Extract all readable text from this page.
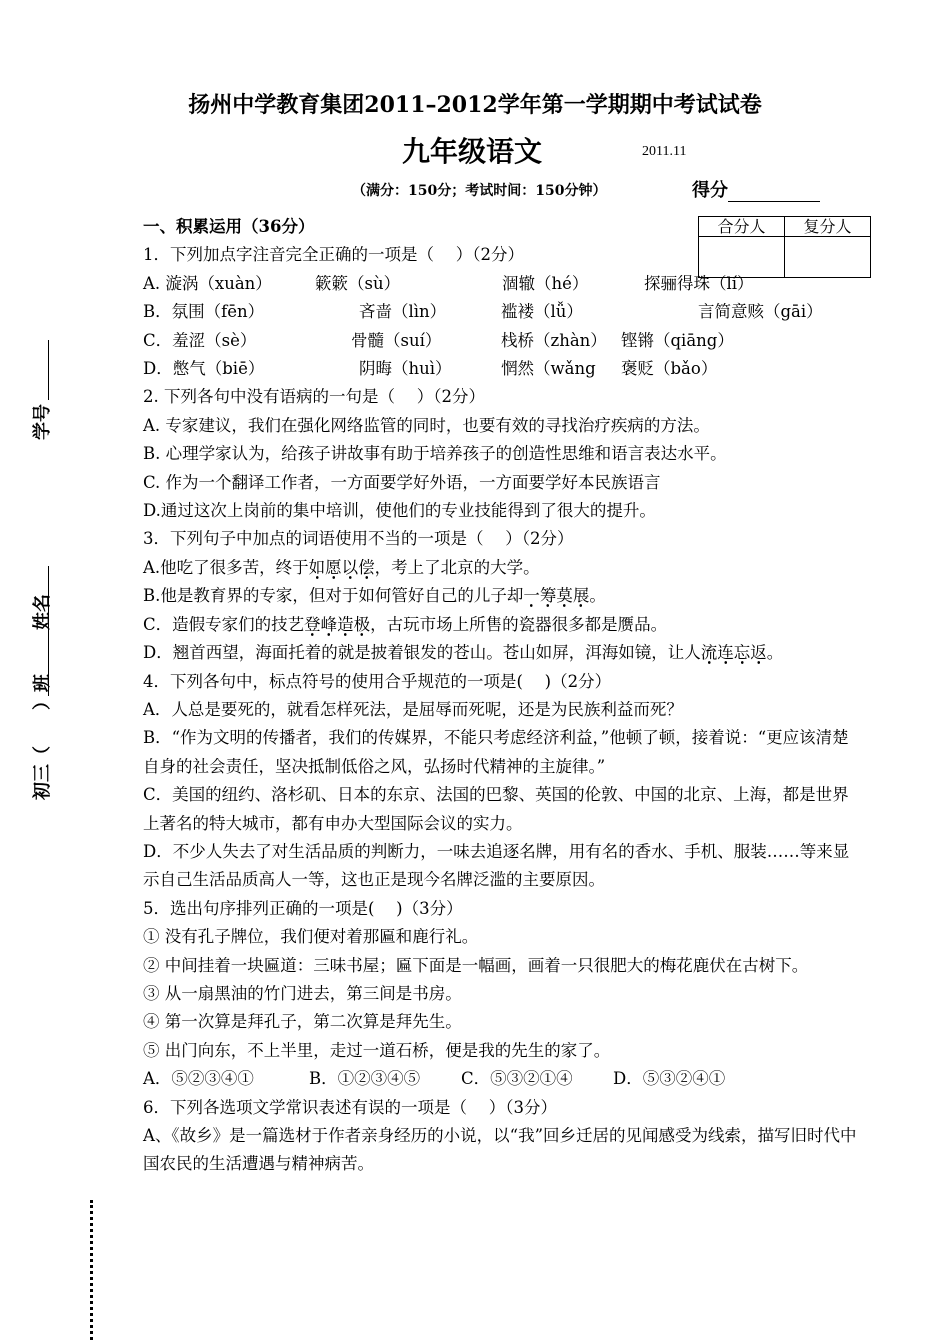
扬州中学教育集团2011–2012学年第一学期期中考试试卷
九年级语文	2011.11
（满分：150分；考试时间：150分钟）	得分
合分人	复分人

初三（　　）班
姓名
学号

一、积累运用（36分）

1．下列加点字注音完全正确的一项是（　 ）（2分）

A. 漩涡（xuàn）	簌簌（sù）	涸辙（hé）	探骊得珠（lí）
B．氛围（fēn）	吝啬（lìn）	褴褛（lǚ）	言简意赅（gāi）
C．羞涩（sè）	骨髓（suí）	栈桥（zhàn） 铿锵（qiāng）
D．憋气（biē）	阴晦（huì）	惘然（wǎng	褒贬（bǎo）

2. 下列各句中没有语病的一句是（　 ）（2分）

A. 专家建议，我们在强化网络监管的同时，也要有效的寻找治疗疾病的方法。

B. 心理学家认为，给孩子讲故事有助于培养孩子的创造性思维和语言表达水平。

C. 作为一个翻译工作者，一方面要学好外语，一方面要学好本民族语言

D.通过这次上岗前的集中培训，使他们的专业技能得到了很大的提升。

3．下列句子中加点的词语使用不当的一项是（　 ）（2分）

A.他吃了很多苦，终于如愿以偿，考上了北京的大学。

B.他是教育界的专家，但对于如何管好自己的儿子却一筹莫展。

C．造假专家们的技艺登峰造极，古玩市场上所售的瓷器很多都是赝品。

D．翘首西望，海面托着的就是披着银发的苍山。苍山如屏，洱海如镜，让人流连忘返。

4．下列各句中，标点符号的使用合乎规范的一项是(　 )（2分）

A．人总是要死的，就看怎样死法，是屈辱而死呢，还是为民族利益而死？

B．“作为文明的传播者，我们的传媒界，不能只考虑经济利益，”他顿了顿，接着说：“更应该清楚自身的社会责任，坚决抵制低俗之风，弘扬时代精神的主旋律。”

C．美国的纽约、洛杉矶、日本的东京、法国的巴黎、英国的伦敦、中国的北京、上海，都是世界上著名的特大城市，都有申办大型国际会议的实力。

D．不少人失去了对生活品质的判断力，一味去追逐名牌，用有名的香水、手机、服装……等来显示自己生活品质高人一等，这也正是现今名牌泛滥的主要原因。

5．选出句序排列正确的一项是(　 )（3分）

① 没有孔子牌位，我们便对着那匾和鹿行礼。

② 中间挂着一块匾道：三味书屋；匾下面是一幅画，画着一只很肥大的梅花鹿伏在古树下。

③ 从一扇黑油的竹门进去，第三间是书房。

④ 第一次算是拜孔子，第二次算是拜先生。

⑤ 出门向东，不上半里，走过一道石桥，便是我的先生的家了。

A．⑤②③④①	B．①②③④⑤	C．⑤③②①④	D．⑤③②④①

6．下列各选项文学常识表述有误的一项是（　 ）（3分）

A、《故乡》是一篇选材于作者亲身经历的小说，以“我”回乡迁居的见闻感受为线索，描写旧时代中国农民的生活遭遇与精神病苦。
